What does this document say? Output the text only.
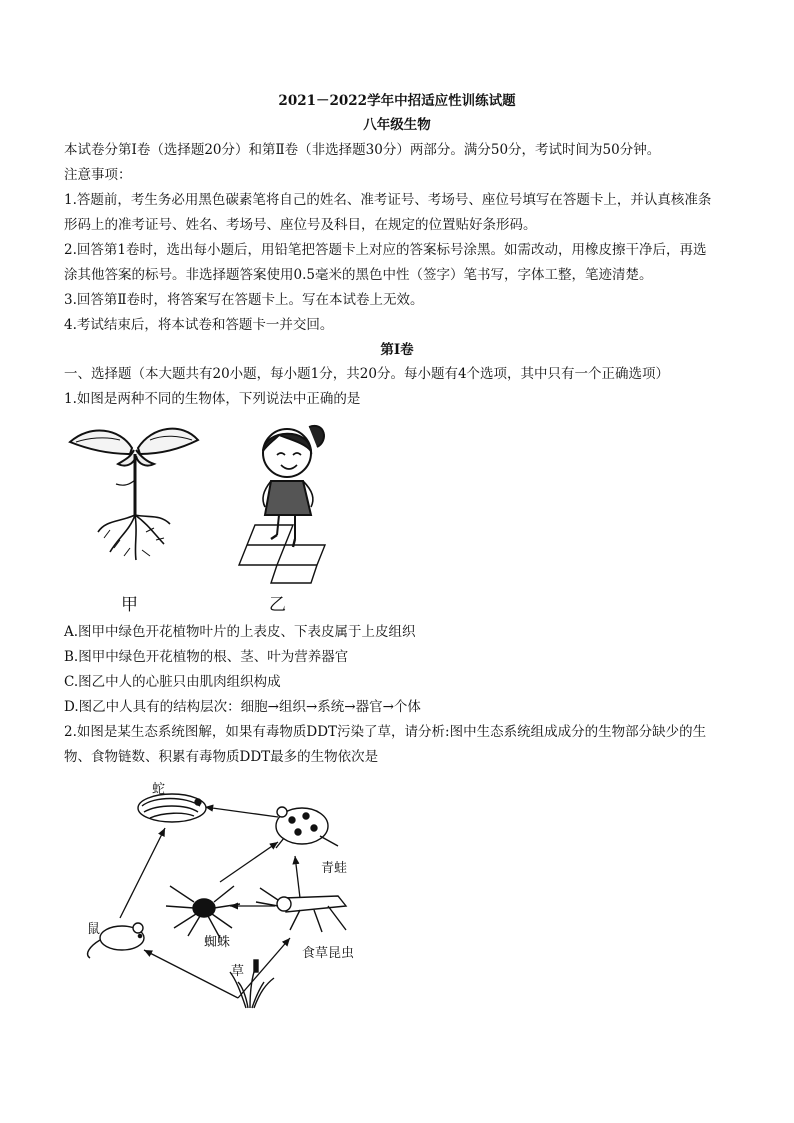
2021－2022学年中招适应性训练试题
八年级生物
本试卷分第Ⅰ卷（选择题20分）和第Ⅱ卷（非选择题30分）两部分。满分50分，考试时间为50分钟。
注意事项：
1.答题前，考生务必用黑色碳素笔将自己的姓名、准考证号、考场号、座位号填写在答题卡上，并认真核准条
形码上的准考证号、姓名、考场号、座位号及科目，在规定的位置贴好条形码。
2.回答第1卷时，选出每小题后，用铅笔把答题卡上对应的答案标号涂黑。如需改动，用橡皮擦干净后，再选
涂其他答案的标号。非选择题答案使用0.5毫米的黑色中性（签字）笔书写，字体工整，笔迹清楚。
3.回答第Ⅱ卷时，将答案写在答题卡上。写在本试卷上无效。
4.考试结束后，将本试卷和答题卡一并交回。
第Ⅰ卷
一、选择题（本大题共有20小题，每小题1分，共20分。每小题有4个选项，其中只有一个正确选项）
1.如图是两种不同的生物体，下列说法中正确的是
甲	乙
A.图甲中绿色开花植物叶片的上表皮、下表皮属于上皮组织
B.图甲中绿色开花植物的根、茎、叶为营养器官
C.图乙中人的心脏只由肌肉组织构成
D.图乙中人具有的结构层次：细胞→组织→系统→器官→个体
2.如图是某生态系统图解，如果有毒物质DDT污染了草，请分析:图中生态系统组成成分的生物部分缺少的生
物、食物链数、积累有毒物质DDT最多的生物依次是
蛇
青蛙
蜘蛛
食草昆虫
鼠
草
